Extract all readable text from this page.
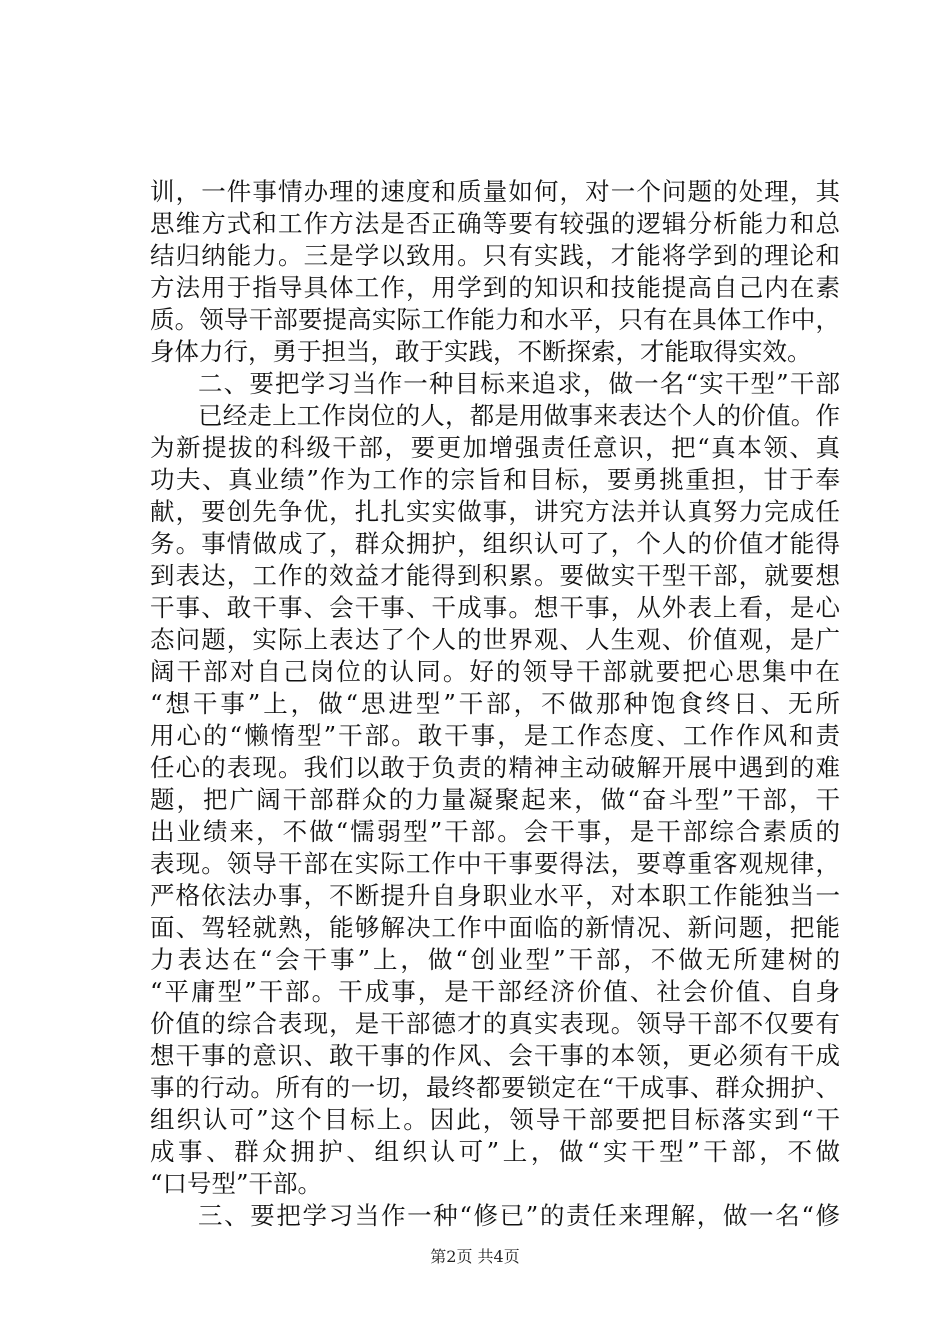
训，一件事情办理的速度和质量如何，对一个问题的处理，其
思维方式和工作方法是否正确等要有较强的逻辑分析能力和总
结归纳能力。三是学以致用。只有实践，才能将学到的理论和
方法用于指导具体工作，用学到的知识和技能提高自己内在素
质。领导干部要提高实际工作能力和水平，只有在具体工作中，
身体力行，勇于担当，敢于实践，不断探索，才能取得实效。
二、要把学习当作一种目标来追求，做一名“实干型”干部
已经走上工作岗位的人，都是用做事来表达个人的价值。作
为新提拔的科级干部，要更加增强责任意识，把“真本领、真
功夫、真业绩”作为工作的宗旨和目标，要勇挑重担，甘于奉
献，要创先争优，扎扎实实做事，讲究方法并认真努力完成任
务。事情做成了，群众拥护，组织认可了，个人的价值才能得
到表达，工作的效益才能得到积累。要做实干型干部，就要想
干事、敢干事、会干事、干成事。想干事，从外表上看，是心
态问题，实际上表达了个人的世界观、人生观、价值观，是广
阔干部对自己岗位的认同。好的领导干部就要把心思集中在
“想干事”上，做“思进型”干部，不做那种饱食终日、无所
用心的“懒惰型”干部。敢干事，是工作态度、工作作风和责
任心的表现。我们以敢于负责的精神主动破解开展中遇到的难
题，把广阔干部群众的力量凝聚起来，做“奋斗型”干部，干
出业绩来，不做“懦弱型”干部。会干事，是干部综合素质的
表现。领导干部在实际工作中干事要得法，要尊重客观规律，
严格依法办事，不断提升自身职业水平，对本职工作能独当一
面、驾轻就熟，能够解决工作中面临的新情况、新问题，把能
力表达在“会干事”上，做“创业型”干部，不做无所建树的
“平庸型”干部。干成事，是干部经济价值、社会价值、自身
价值的综合表现，是干部德才的真实表现。领导干部不仅要有
想干事的意识、敢干事的作风、会干事的本领，更必须有干成
事的行动。所有的一切，最终都要锁定在“干成事、群众拥护、
组织认可”这个目标上。因此，领导干部要把目标落实到“干
成事、群众拥护、组织认可”上，做“实干型”干部，不做
“口号型”干部。
三、要把学习当作一种“修已”的责任来理解，做一名“修
第2页 共4页
